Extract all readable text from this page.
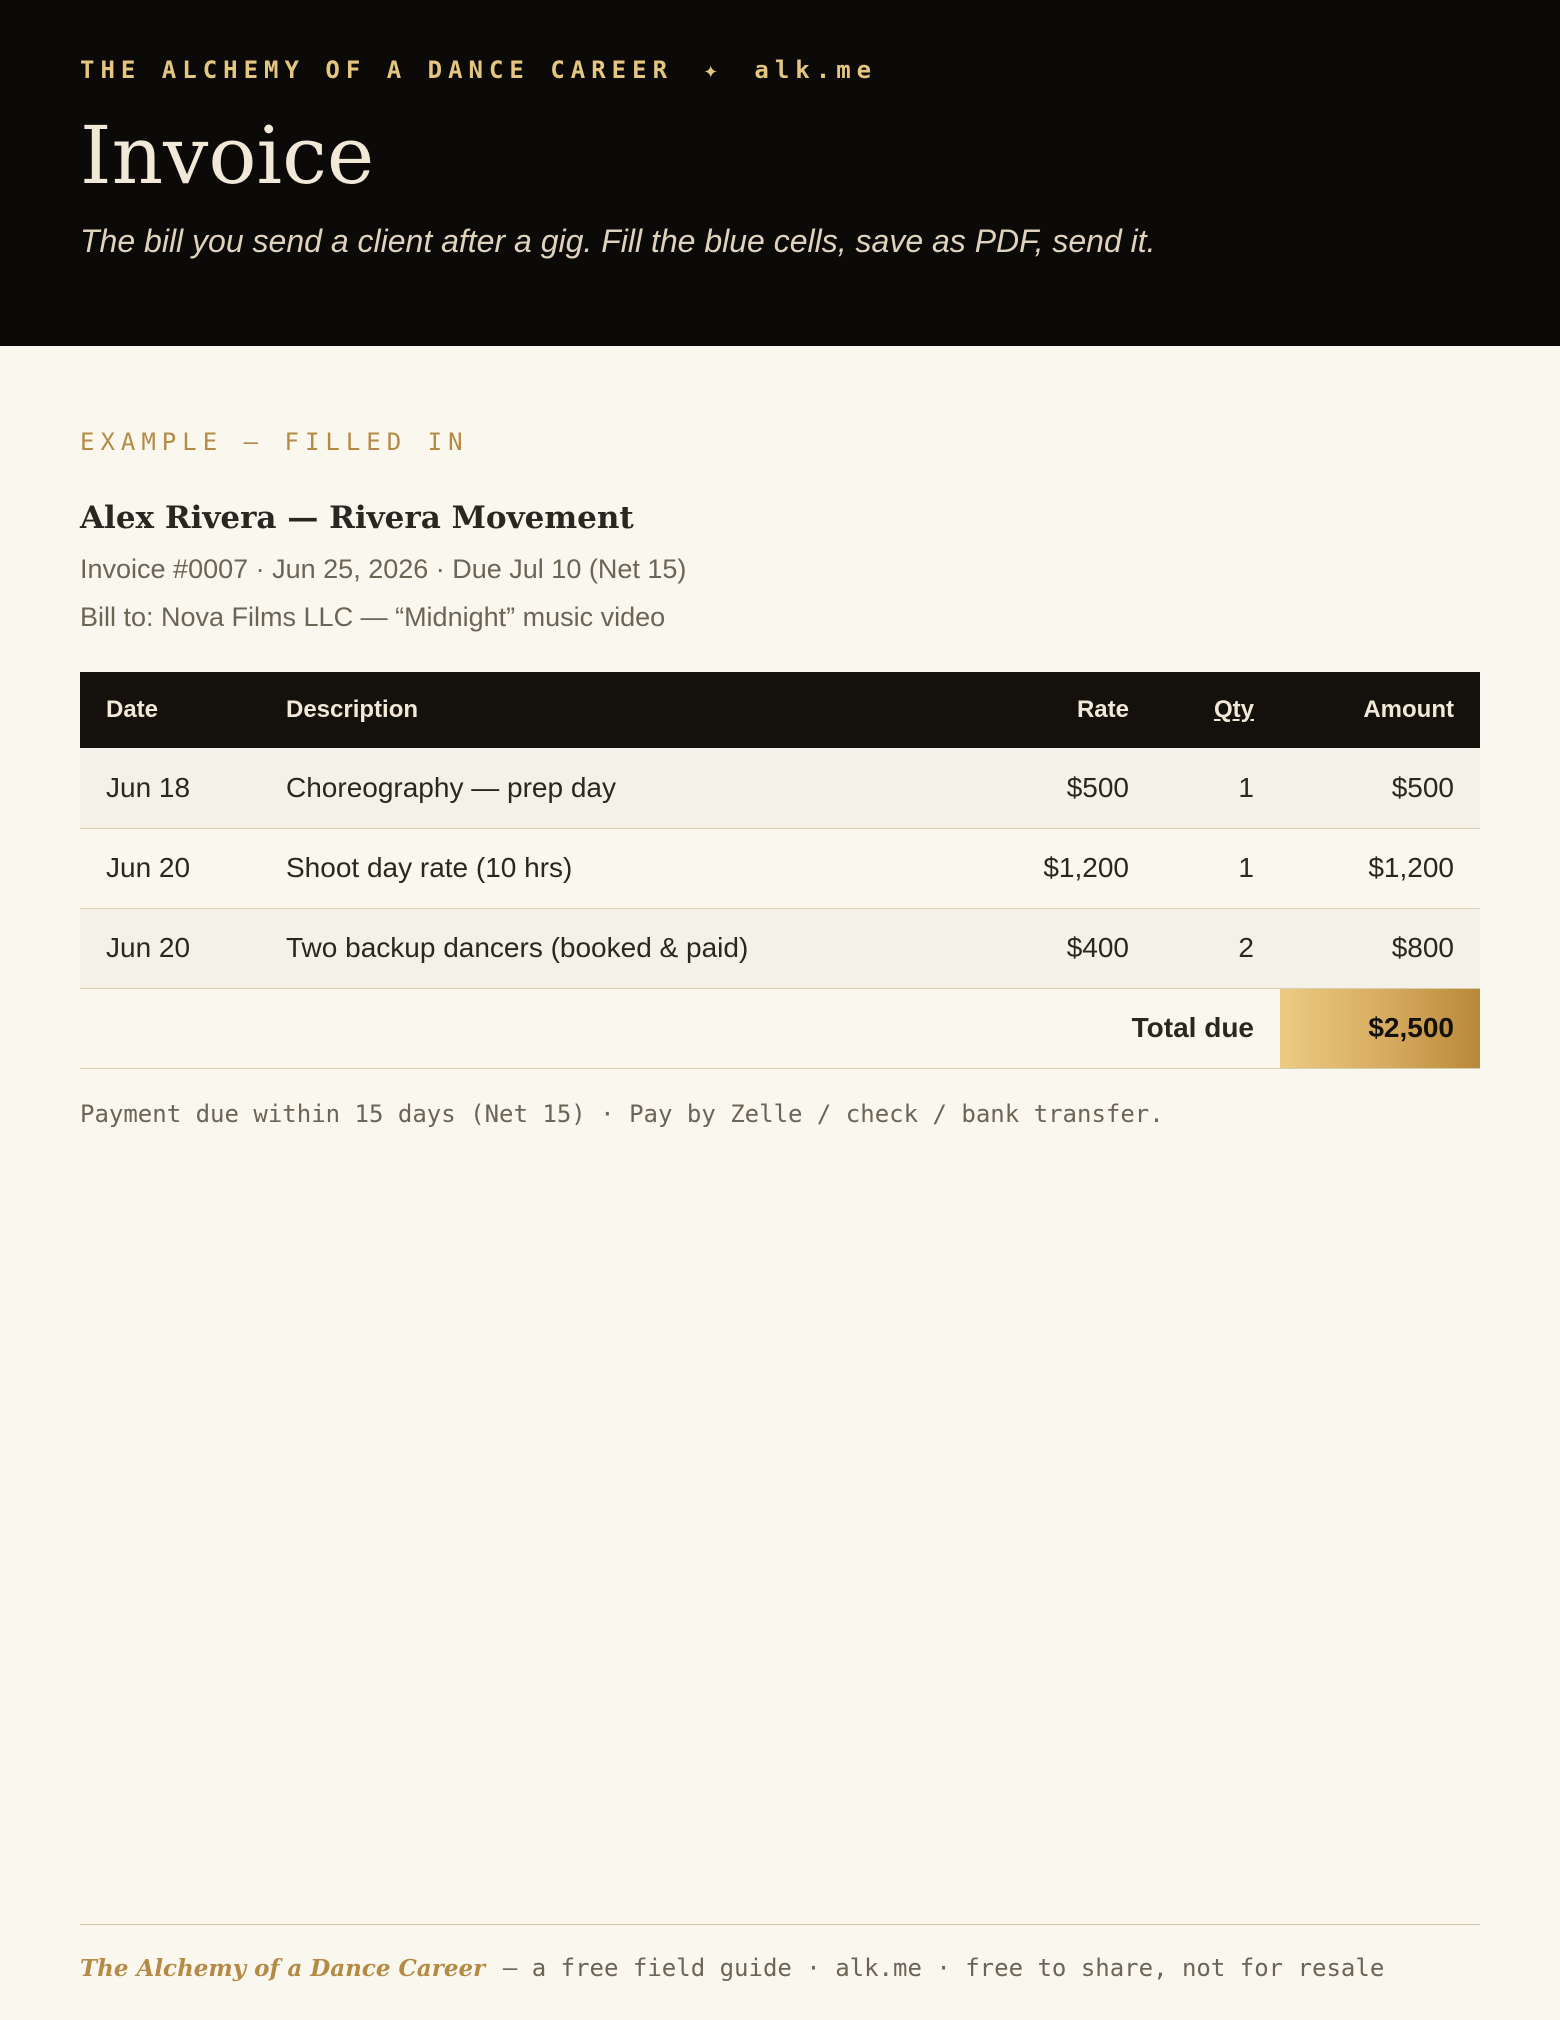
THE ALCHEMY OF A DANCE CAREER ✦ alk.me
Invoice

The bill you send a client after a gig. Fill the blue cells, save as PDF, send it.

EXAMPLE — FILLED IN
Alex Rivera — Rivera Movement
Invoice #0007 · Jun 25, 2026 · Due Jul 10 (Net 15)
Bill to: Nova Films LLC — “Midnight” music video
Date	Description	Rate	Qty	Amount
Jun 18	Choreography — prep day	$500	1	$500
Jun 20	Shoot day rate (10 hrs)	$1,200	1	$1,200
Jun 20	Two backup dancers (booked & paid)	$400	2	$800
Total due				$2,500
Payment due within 15 days (Net 15) · Pay by Zelle / check / bank transfer.
The Alchemy of a Dance Career — a free field guide · alk.me · free to share, not for resale
